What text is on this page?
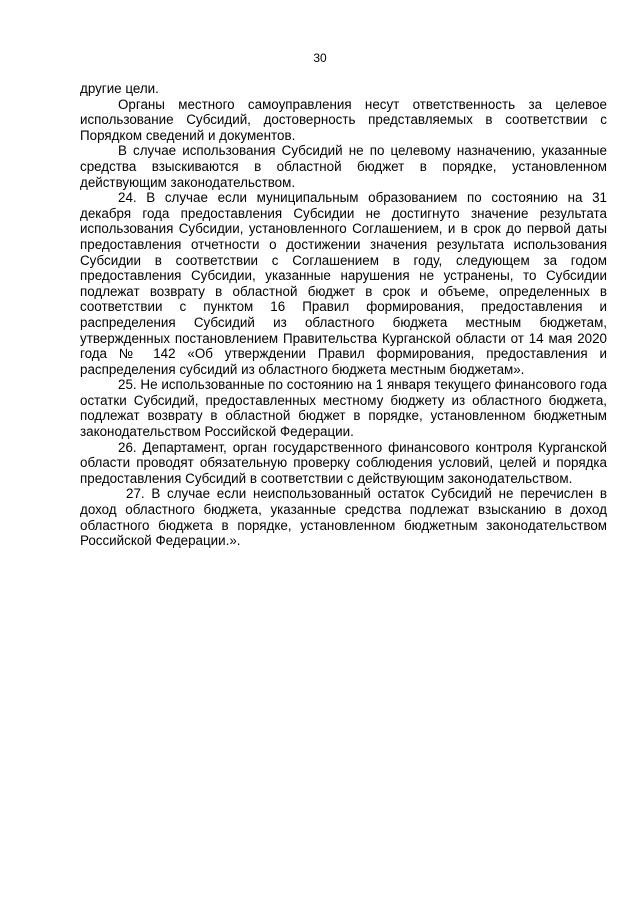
30

другие цели.

Органы местного самоуправления несут ответственность за целевое использование Субсидий, достоверность представляемых в соответствии с Порядком сведений и документов.

В случае использования Субсидий не по целевому назначению, указанные средства взыскиваются в областной бюджет в порядке, установленном действующим законодательством.

24. В случае если муниципальным образованием по состоянию на 31 декабря года предоставления Субсидии не достигнуто значение результата использования Субсидии, установленного Соглашением, и в срок до первой даты предоставления отчетности о достижении значения результата использования Субсидии в соответствии с Соглашением в году, следующем за годом предоставления Субсидии, указанные нарушения не устранены, то Субсидии подлежат возврату в областной бюджет в срок и объеме, определенных в соответствии с пунктом 16 Правил формирования, предоставления и распределения Субсидий из областного бюджета местным бюджетам, утвержденных постановлением Правительства Курганской области от 14 мая 2020 года № 142 «Об утверждении Правил формирования, предоставления и распределения субсидий из областного бюджета местным бюджетам».

25. Не использованные по состоянию на 1 января текущего финансового года остатки Субсидий, предоставленных местному бюджету из областного бюджета, подлежат возврату в областной бюджет в порядке, установленном бюджетным законодательством Российской Федерации.

26. Департамент, орган государственного финансового контроля Курганской области проводят обязательную проверку соблюдения условий, целей и порядка предоставления Субсидий в соответствии с действующим законодательством.

27. В случае если неиспользованный остаток Субсидий не перечислен в доход областного бюджета, указанные средства подлежат взысканию в доход областного бюджета в порядке, установленном бюджетным законодательством Российской Федерации.».
